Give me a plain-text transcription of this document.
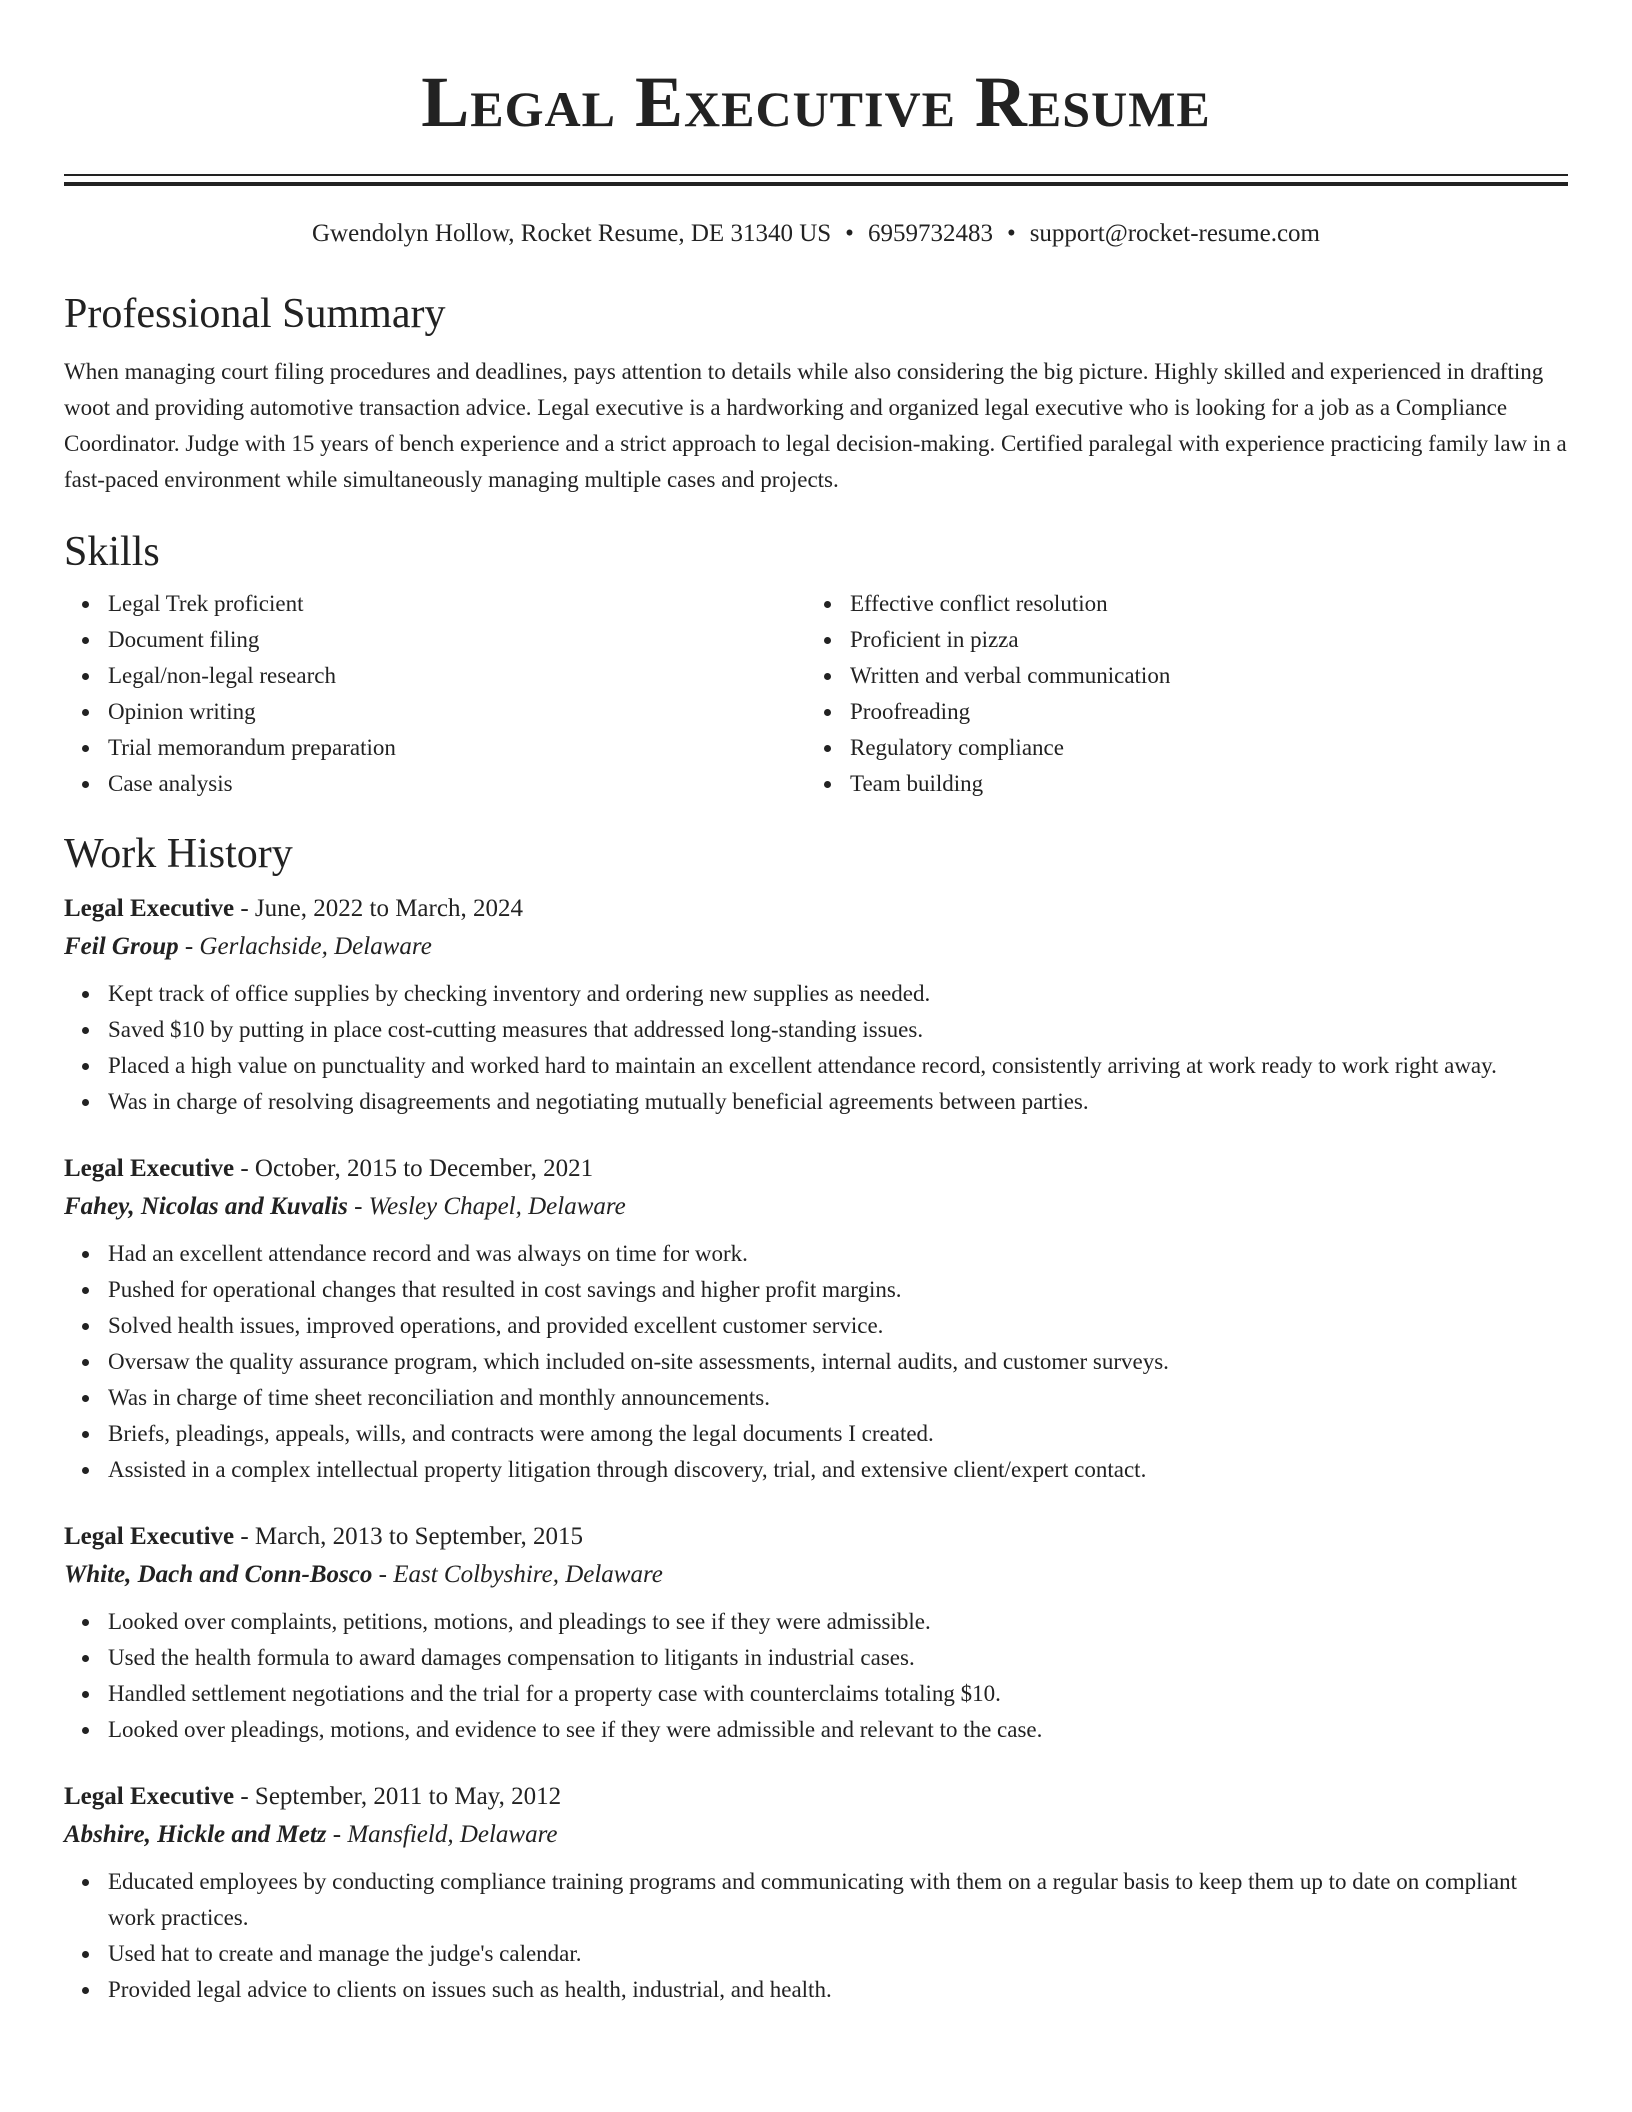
Legal Executive Resume
Gwendolyn Hollow, Rocket Resume, DE 31340 US • 6959732483 • support@rocket-resume.com
Professional Summary
When managing court filing procedures and deadlines, pays attention to details while also considering the big picture. Highly skilled and experienced in drafting woot and providing automotive transaction advice. Legal executive is a hardworking and organized legal executive who is looking for a job as a Compliance Coordinator. Judge with 15 years of bench experience and a strict approach to legal decision-making. Certified paralegal with experience practicing family law in a fast-paced environment while simultaneously managing multiple cases and projects.
Skills
Legal Trek proficient
Document filing
Legal/non-legal research
Opinion writing
Trial memorandum preparation
Case analysis
Effective conflict resolution
Proficient in pizza
Written and verbal communication
Proofreading
Regulatory compliance
Team building
Work History
Legal Executive - June, 2022 to March, 2024
Feil Group - Gerlachside, Delaware
Kept track of office supplies by checking inventory and ordering new supplies as needed.
Saved $10 by putting in place cost-cutting measures that addressed long-standing issues.
Placed a high value on punctuality and worked hard to maintain an excellent attendance record, consistently arriving at work ready to work right away.
Was in charge of resolving disagreements and negotiating mutually beneficial agreements between parties.
Legal Executive - October, 2015 to December, 2021
Fahey, Nicolas and Kuvalis - Wesley Chapel, Delaware
Had an excellent attendance record and was always on time for work.
Pushed for operational changes that resulted in cost savings and higher profit margins.
Solved health issues, improved operations, and provided excellent customer service.
Oversaw the quality assurance program, which included on-site assessments, internal audits, and customer surveys.
Was in charge of time sheet reconciliation and monthly announcements.
Briefs, pleadings, appeals, wills, and contracts were among the legal documents I created.
Assisted in a complex intellectual property litigation through discovery, trial, and extensive client/expert contact.
Legal Executive - March, 2013 to September, 2015
White, Dach and Conn-Bosco - East Colbyshire, Delaware
Looked over complaints, petitions, motions, and pleadings to see if they were admissible.
Used the health formula to award damages compensation to litigants in industrial cases.
Handled settlement negotiations and the trial for a property case with counterclaims totaling $10.
Looked over pleadings, motions, and evidence to see if they were admissible and relevant to the case.
Legal Executive - September, 2011 to May, 2012
Abshire, Hickle and Metz - Mansfield, Delaware
Educated employees by conducting compliance training programs and communicating with them on a regular basis to keep them up to date on compliant work practices.
Used hat to create and manage the judge's calendar.
Provided legal advice to clients on issues such as health, industrial, and health.
